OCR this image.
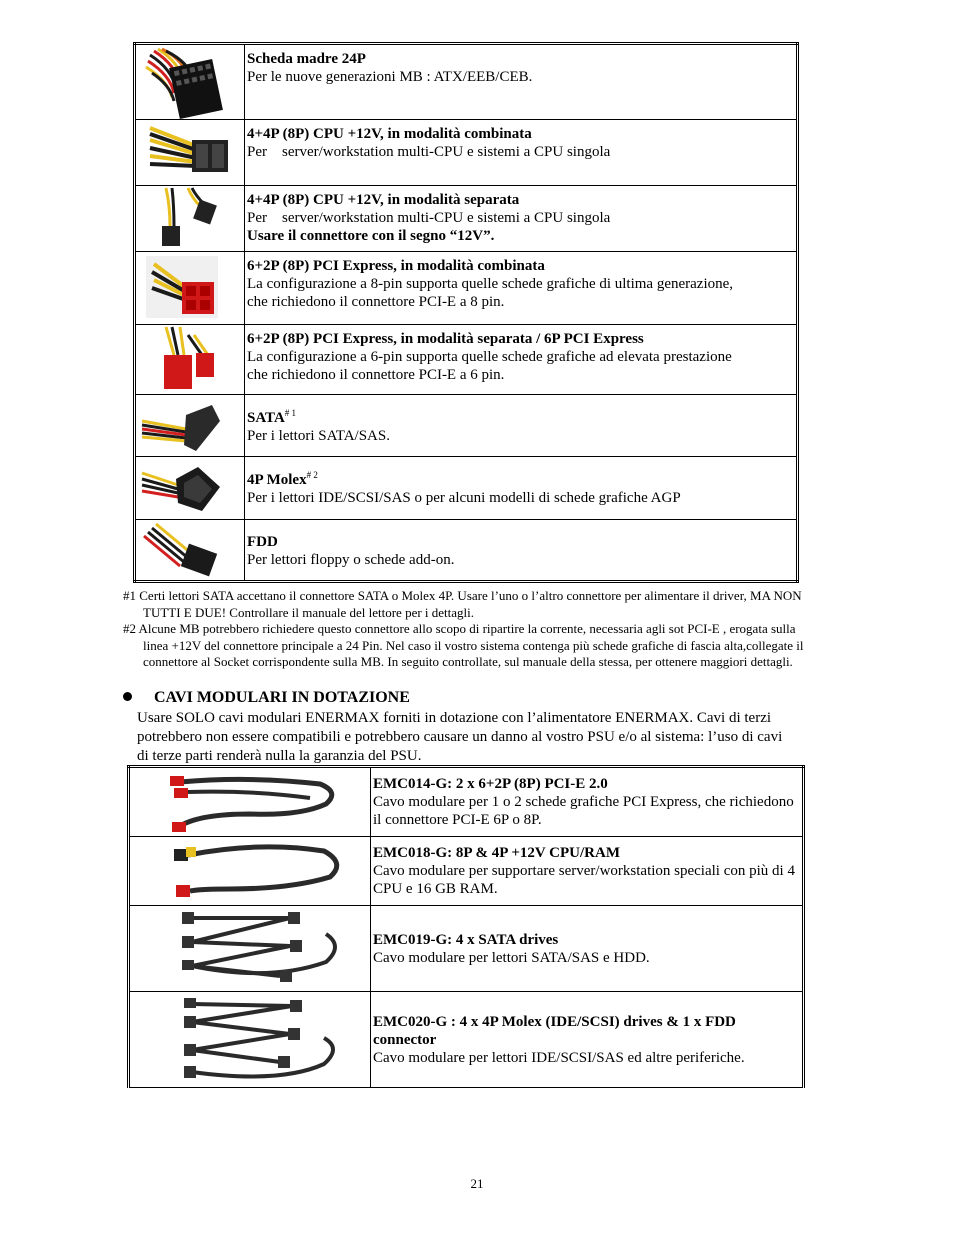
	Scheda madre 24P
Per le nuove generazioni MB : ATX/EEB/CEB.

	4+4P (8P) CPU +12V, in modalità combinata
Per    server/workstation multi-CPU e sistemi a CPU singola

	4+4P (8P) CPU +12V, in modalità separata
Per    server/workstation multi-CPU e sistemi a CPU singola
Usare il connettore con il segno “12V”.

	6+2P (8P) PCI Express, in modalità combinata
La configurazione a 8-pin supporta quelle schede grafiche di ultima generazione,
che richiedono il connettore PCI-E a 8 pin.

	6+2P (8P) PCI Express, in modalità separata / 6P PCI Express
La configurazione a 6-pin supporta quelle schede grafiche ad elevata prestazione
che richiedono il connettore PCI-E a 6 pin.

	SATA$^{\# 1}$
Per i lettori SATA/SAS.

	4P Molex$^{\# 2}$
Per i lettori IDE/SCSI/SAS o per alcuni modelli di schede grafiche AGP

	FDD
Per lettori floppy o schede add-on.

#1 Certi lettori SATA accettano il connettore SATA o Molex 4P. Usare l’uno o l’altro connettore per alimentare il driver, MA NON TUTTI E DUE! Controllare il manuale del lettore per i dettagli.

#2 Alcune MB potrebbero richiedere questo connettore allo scopo di ripartire la corrente, necessaria agli sot PCI-E , erogata sulla linea +12V del connettore principale a 24 Pin. Nel caso il vostro sistema contenga più schede grafiche di fascia alta,collegate il connettore al Socket corrispondente sulla MB. In seguito controllate, sul manuale della stessa, per ottenere maggiori dettagli.

CAVI MODULARI IN DOTAZIONE
Usare SOLO cavi modulari ENERMAX forniti in dotazione con l’alimentatore ENERMAX. Cavi di terzi potrebbero non essere compatibili e potrebbero causare un danno al vostro PSU e/o al sistema: l’uso di cavi di terze parti renderà nulla la garanzia del PSU.
	EMC014-G: 2 x 6+2P (8P) PCI-E 2.0
Cavo modulare per 1 o 2 schede grafiche PCI Express, che richiedono il connettore PCI-E 6P o 8P.

	EMC018-G: 8P & 4P +12V CPU/RAM
Cavo modulare per supportare server/workstation speciali con più di 4 CPU e 16 GB RAM.

	EMC019-G: 4 x SATA drives
Cavo modulare per lettori SATA/SAS e HDD.

	EMC020-G : 4 x 4P Molex (IDE/SCSI) drives & 1 x FDD connector
Cavo modulare per lettori IDE/SCSI/SAS ed altre periferiche.
21
